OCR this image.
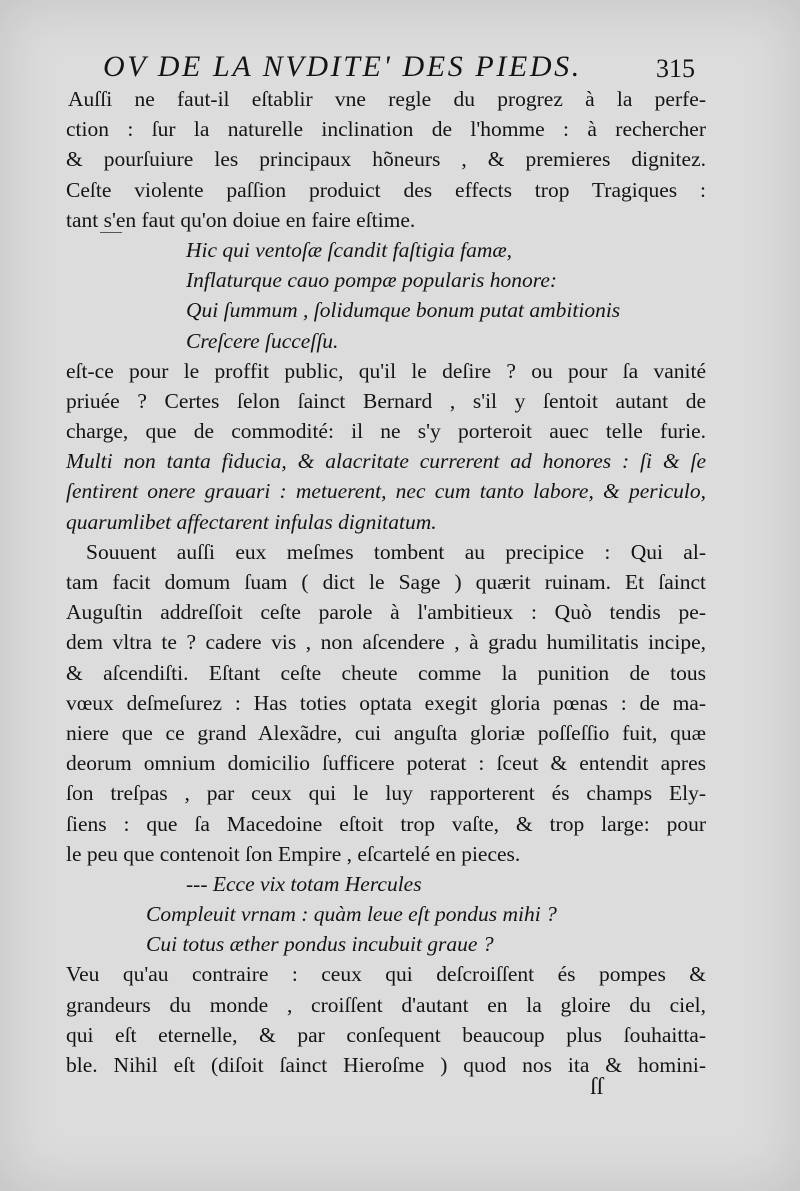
OV DE LA NVDITE' DES PIEDS.	315
Auſſi ne faut-il eſtablir vne regle du progrez à la perfe-
ction : ſur la naturelle inclination de l'homme : à rechercher
& pourſuiure les principaux hõneurs , & premieres dignitez.
Ceſte violente paſſion produict des effects trop Tragiques :
tant s'en faut qu'on doiue en faire eſtime.
Hic qui ventoſæ ſcandit faſtigia famæ,
Inflaturque cauo pompæ popularis honore:
Qui ſummum , ſolidumque bonum putat ambitionis
Creſcere ſucceſſu.
eſt-ce pour le proffit public, qu'il le deſire ? ou pour ſa vanité
priuée ? Certes ſelon ſainct Bernard , s'il y ſentoit autant de
charge, que de commodité: il ne s'y porteroit auec telle furie.
Multi non tanta fiducia, & alacritate currerent ad honores : ſi & ſe
ſentirent onere grauari : metuerent, nec cum tanto labore, & periculo,
quarumlibet affectarent infulas dignitatum.
Souuent auſſi eux meſmes tombent au precipice : Qui al-
tam facit domum ſuam ( dict le Sage ) quærit ruinam. Et ſainct
Auguſtin addreſſoit ceſte parole à l'ambitieux : Quò tendis pe-
dem vltra te ? cadere vis , non aſcendere , à gradu humilitatis incipe,
& aſcendiſti. Eſtant ceſte cheute comme la punition de tous
vœux deſmeſurez : Has toties optata exegit gloria pœnas : de ma-
niere que ce grand Alexãdre, cui anguſta gloriæ poſſeſſio fuit, quæ
deorum omnium domicilio ſufficere poterat : ſceut & entendit apres
ſon treſpas , par ceux qui le luy rapporterent és champs Ely-
ſiens : que ſa Macedoine eſtoit trop vaſte, & trop large: pour
le peu que contenoit ſon Empire , eſcartelé en pieces.
--- Ecce vix totam Hercules
Compleuit vrnam : quàm leue eſt pondus mihi ?
Cui totus æther pondus incubuit graue ?
Veu qu'au contraire : ceux qui deſcroiſſent és pompes &
grandeurs du monde , croiſſent d'autant en la gloire du ciel,
qui eſt eternelle, & par conſequent beaucoup plus ſouhaitta-
ble. Nihil eſt (diſoit ſainct Hieroſme ) quod nos ita & homini-
ſſ
